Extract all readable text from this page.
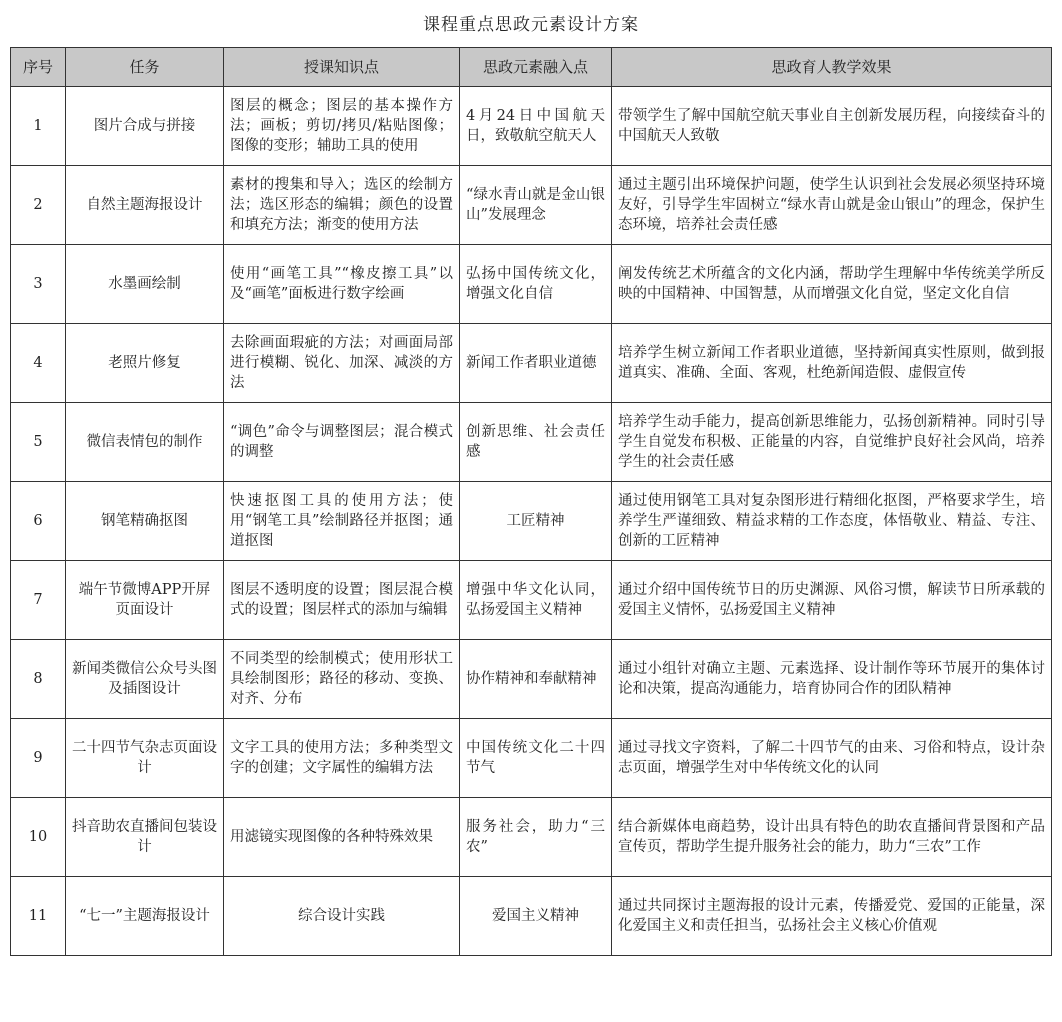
课程重点思政元素设计方案
序号	任务	授课知识点	思政元素融入点	思政育人教学效果
1	图片合成与拼接	图层的概念；图层的基本操作方法；画板；剪切/拷贝/粘贴图像；图像的变形；辅助工具的使用	4月24日中国航天日，致敬航空航天人	带领学生了解中国航空航天事业自主创新发展历程，向接续奋斗的中国航天人致敬
2	自然主题海报设计	素材的搜集和导入；选区的绘制方法；选区形态的编辑；颜色的设置和填充方法；渐变的使用方法	“绿水青山就是金山银山”发展理念	通过主题引出环境保护问题，使学生认识到社会发展必须坚持环境友好，引导学生牢固树立“绿水青山就是金山银山”的理念，保护生态环境，培养社会责任感
3	水墨画绘制	使用“画笔工具”“橡皮擦工具”以及“画笔”面板进行数字绘画	弘扬中国传统文化，增强文化自信	阐发传统艺术所蕴含的文化内涵，帮助学生理解中华传统美学所反映的中国精神、中国智慧，从而增强文化自觉，坚定文化自信
4	老照片修复	去除画面瑕疵的方法；对画面局部进行模糊、锐化、加深、减淡的方法	新闻工作者职业道德	培养学生树立新闻工作者职业道德，坚持新闻真实性原则，做到报道真实、准确、全面、客观，杜绝新闻造假、虚假宣传
5	微信表情包的制作	“调色”命令与调整图层；混合模式的调整	创新思维、社会责任感	培养学生动手能力，提高创新思维能力，弘扬创新精神。同时引导学生自觉发布积极、正能量的内容，自觉维护良好社会风尚，培养学生的社会责任感
6	钢笔精确抠图	快速抠图工具的使用方法；使用“钢笔工具”绘制路径并抠图；通道抠图	工匠精神	通过使用钢笔工具对复杂图形进行精细化抠图，严格要求学生，培养学生严谨细致、精益求精的工作态度，体悟敬业、精益、专注、创新的工匠精神
7	端午节微博APP开屏页面设计	图层不透明度的设置；图层混合模式的设置；图层样式的添加与编辑	增强中华文化认同，弘扬爱国主义精神	通过介绍中国传统节日的历史渊源、风俗习惯，解读节日所承载的爱国主义情怀，弘扬爱国主义精神
8	新闻类微信公众号头图及插图设计	不同类型的绘制模式；使用形状工具绘制图形；路径的移动、变换、对齐、分布	协作精神和奉献精神	通过小组针对确立主题、元素选择、设计制作等环节展开的集体讨论和决策，提高沟通能力，培育协同合作的团队精神
9	二十四节气杂志页面设计	文字工具的使用方法；多种类型文字的创建；文字属性的编辑方法	中国传统文化二十四节气	通过寻找文字资料，了解二十四节气的由来、习俗和特点，设计杂志页面，增强学生对中华传统文化的认同
10	抖音助农直播间包装设计	用滤镜实现图像的各种特殊效果	服务社会，助力“三农”	结合新媒体电商趋势，设计出具有特色的助农直播间背景图和产品宣传页，帮助学生提升服务社会的能力，助力“三农”工作
11	“七一”主题海报设计	综合设计实践	爱国主义精神	通过共同探讨主题海报的设计元素，传播爱党、爱国的正能量，深化爱国主义和责任担当，弘扬社会主义核心价值观
